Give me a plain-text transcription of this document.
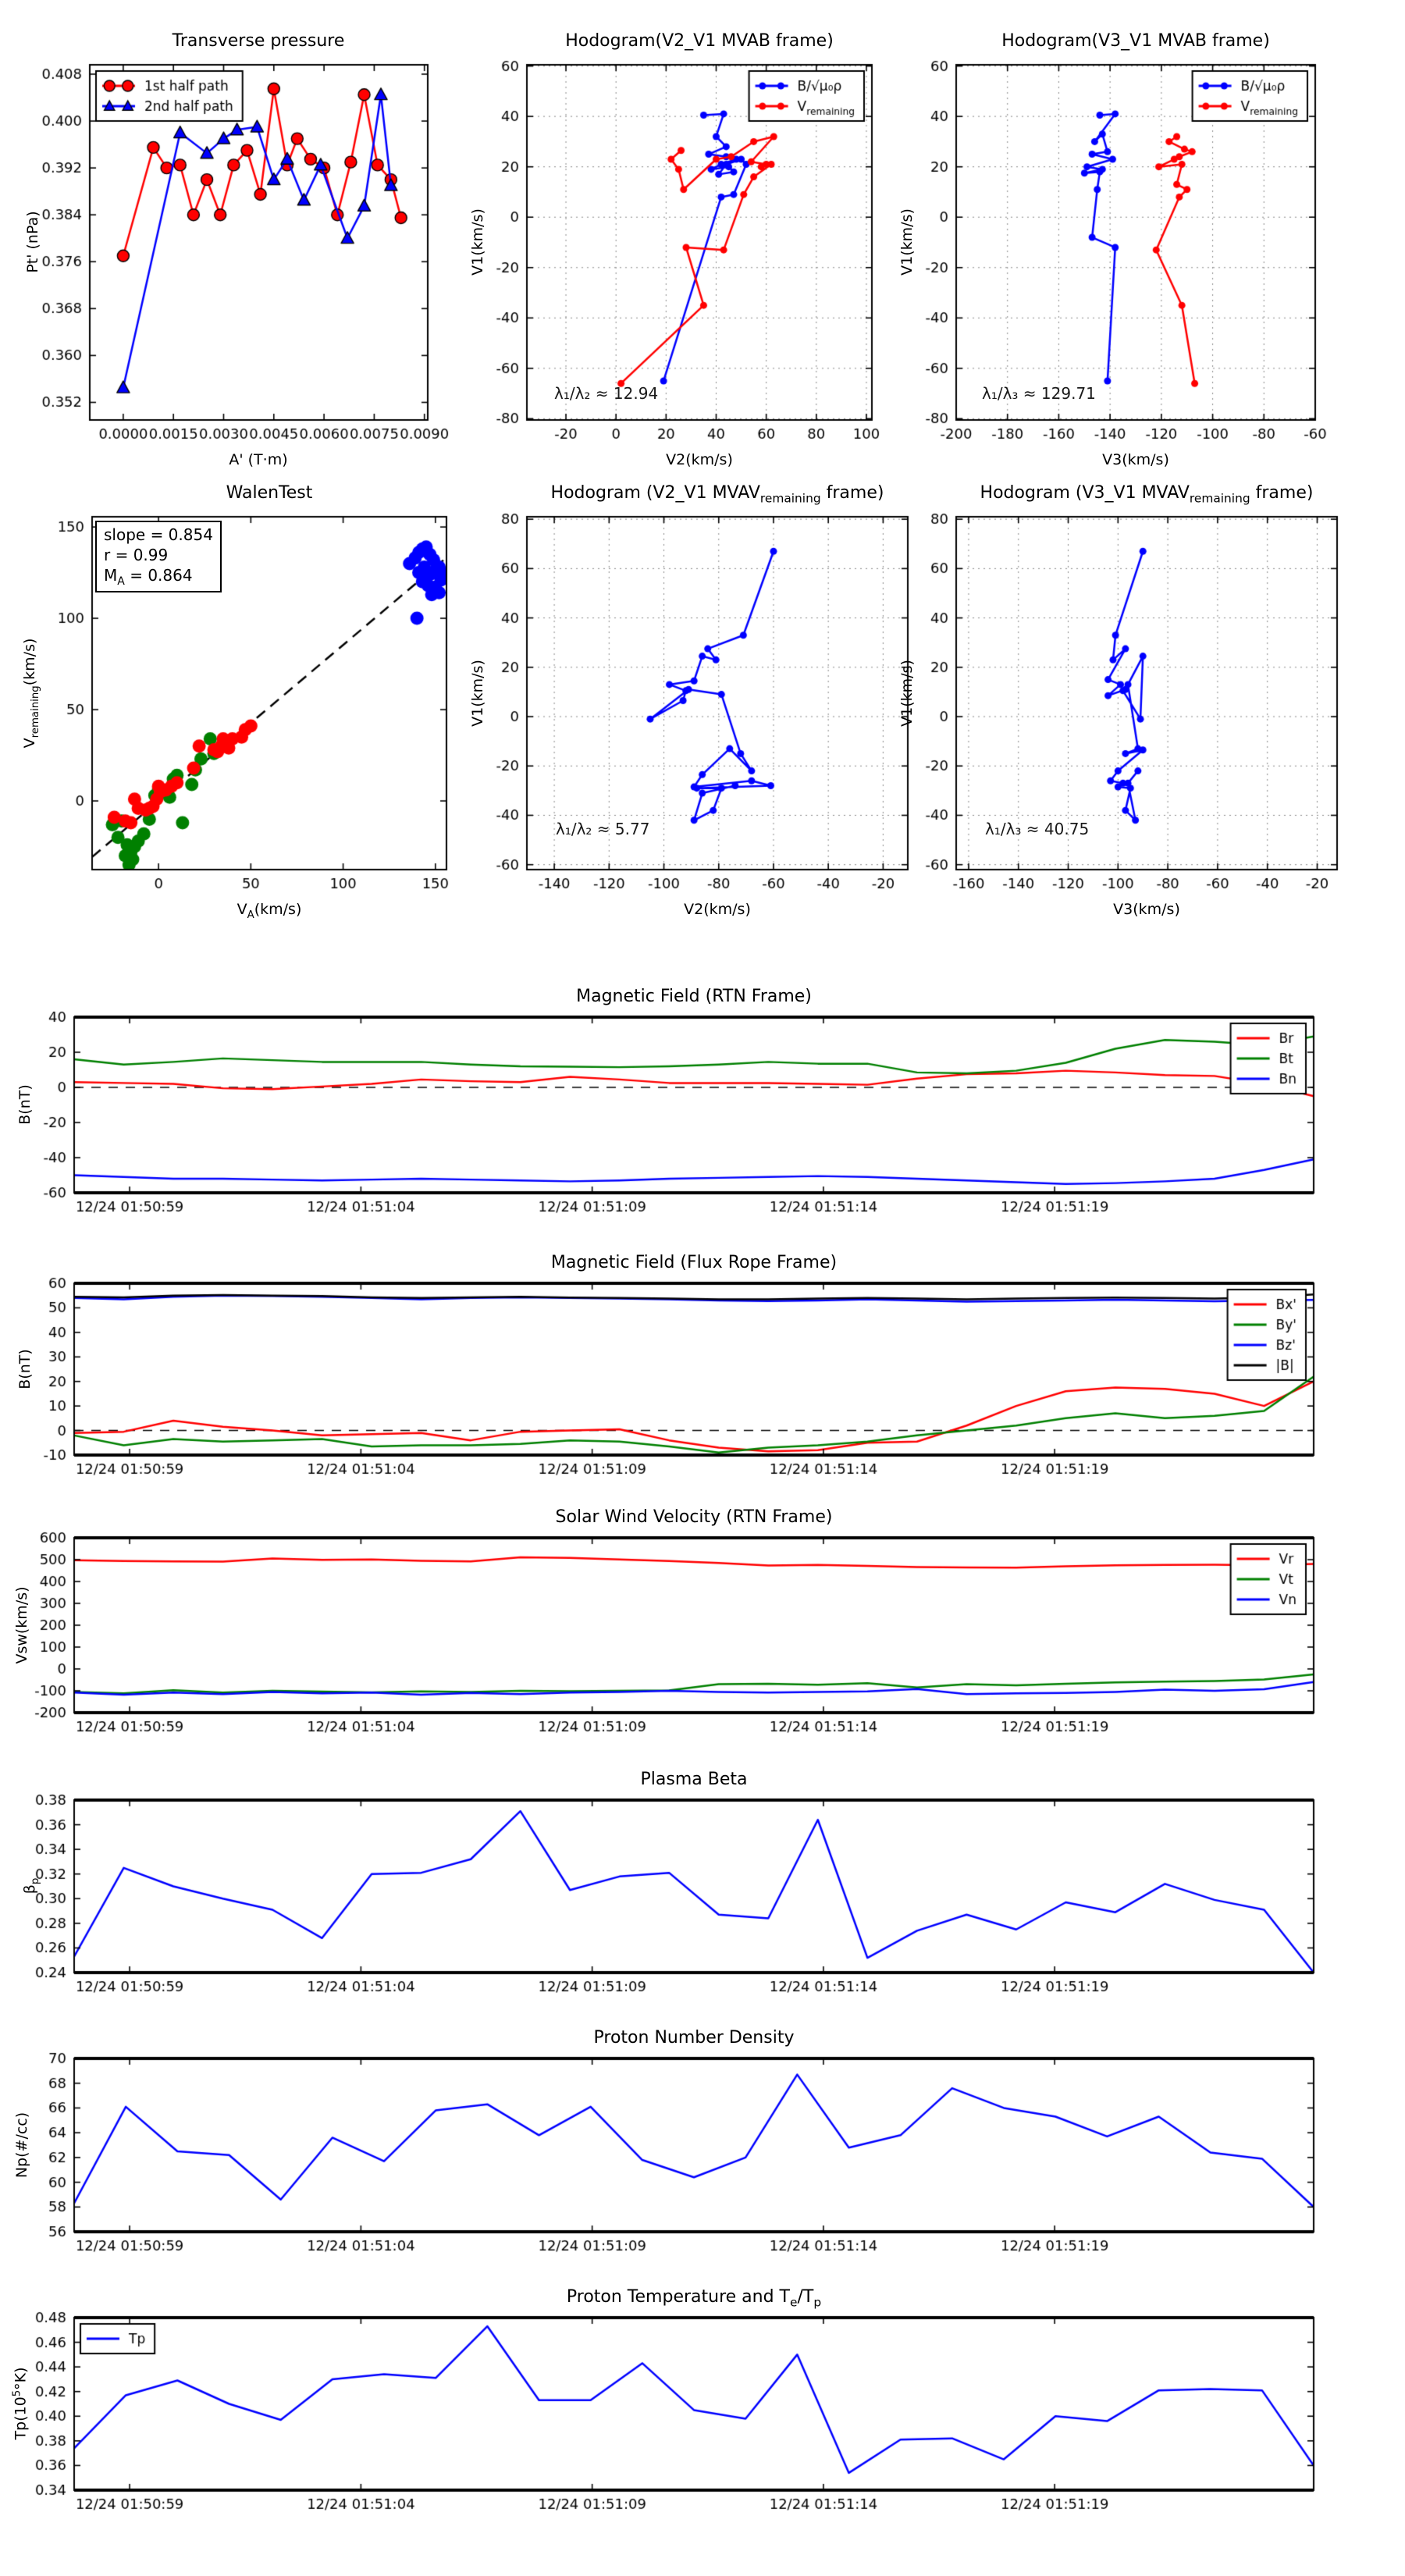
Transverse pressure	Hodogram(V2_V1 MVAB frame)	Hodogram(V3_V1 MVAB frame)
WalenTest	Hodogram (V2_V1 $MVAV_{remaining}$ frame)	Hodogram (V3_V1 $MVAV_{remaining}$ frame)
Magnetic Field (RTN Frame)
Magnetic Field (Flux Rope Frame)
Solar Wind Velocity (RTN Frame)
Plasma Beta
Proton Number Density
Proton Temperature and $T_e/T_p$
A' (T·m)	V2(km/s)	V3(km/s)
$V_A(km/s)$	V2(km/s)	V3(km/s)
Pt' (nPa)	V1(km/s)	V1(km/s)
$V_{remaining}(km/s)$	V1(km/s)	V1(km/s)
B(nT)
B(nT)
Vsw(km/s)
$\beta_p$
Np(#/cc)
$Tp(10^5^\circ K)$
λ₁/λ₂ ≈ 12.94	λ₁/λ₃ ≈ 129.71
λ₁/λ₂ ≈ 5.77	λ₁/λ₃ ≈ 40.75
slope = 0.854
r = 0.99
$M_A = 0.864$
